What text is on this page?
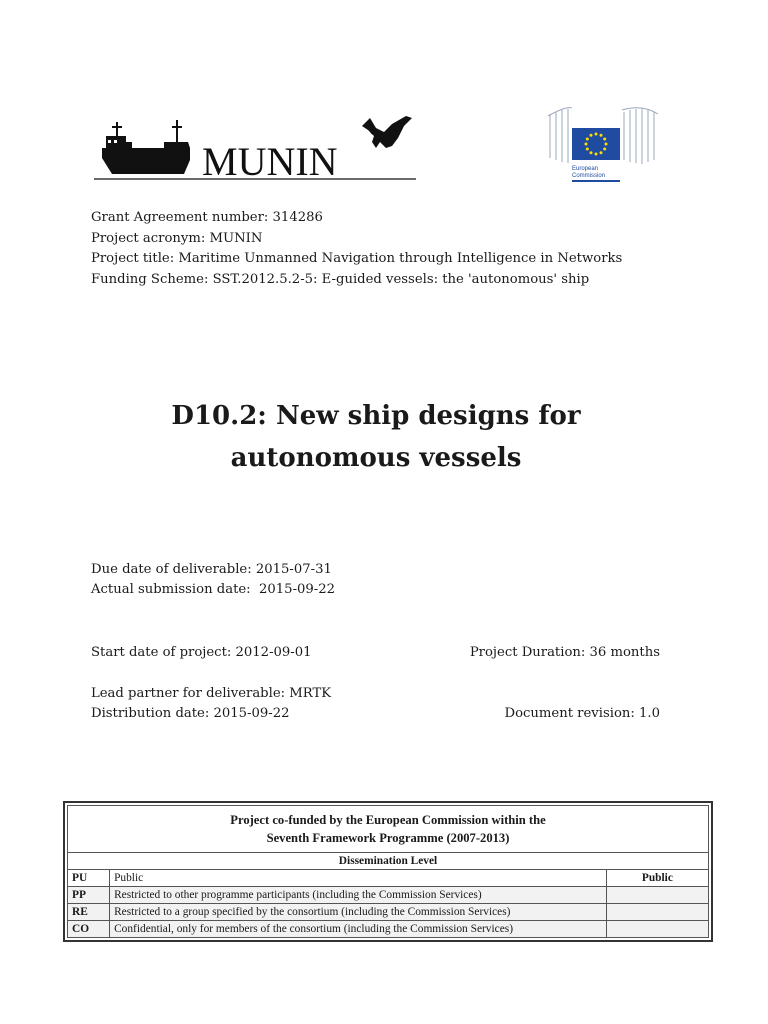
MUNIN	European
Commission
Grant Agreement number: 314286
Project acronym: MUNIN
Project title: Maritime Unmanned Navigation through Intelligence in Networks
Funding Scheme: SST.2012.5.2-5: E-guided vessels: the 'autonomous' ship
D10.2: New ship designs for
autonomous vessels
Due date of deliverable: 2015-07-31
Actual submission date:  2015-09-22
Start date of project: 2012-09-01	Project Duration: 36 months
Lead partner for deliverable: MRTK
Distribution date: 2015-09-22	Document revision: 1.0
Project co-funded by the European Commission within the
Seventh Framework Programme (2007-2013)		

Dissemination Level		
PU	Public	Public
PP	Restricted to other programme participants (including the Commission Services)	
RE	Restricted to a group specified by the consortium (including the Commission Services)	
CO	Confidential, only for members of the consortium (including the Commission Services)	
